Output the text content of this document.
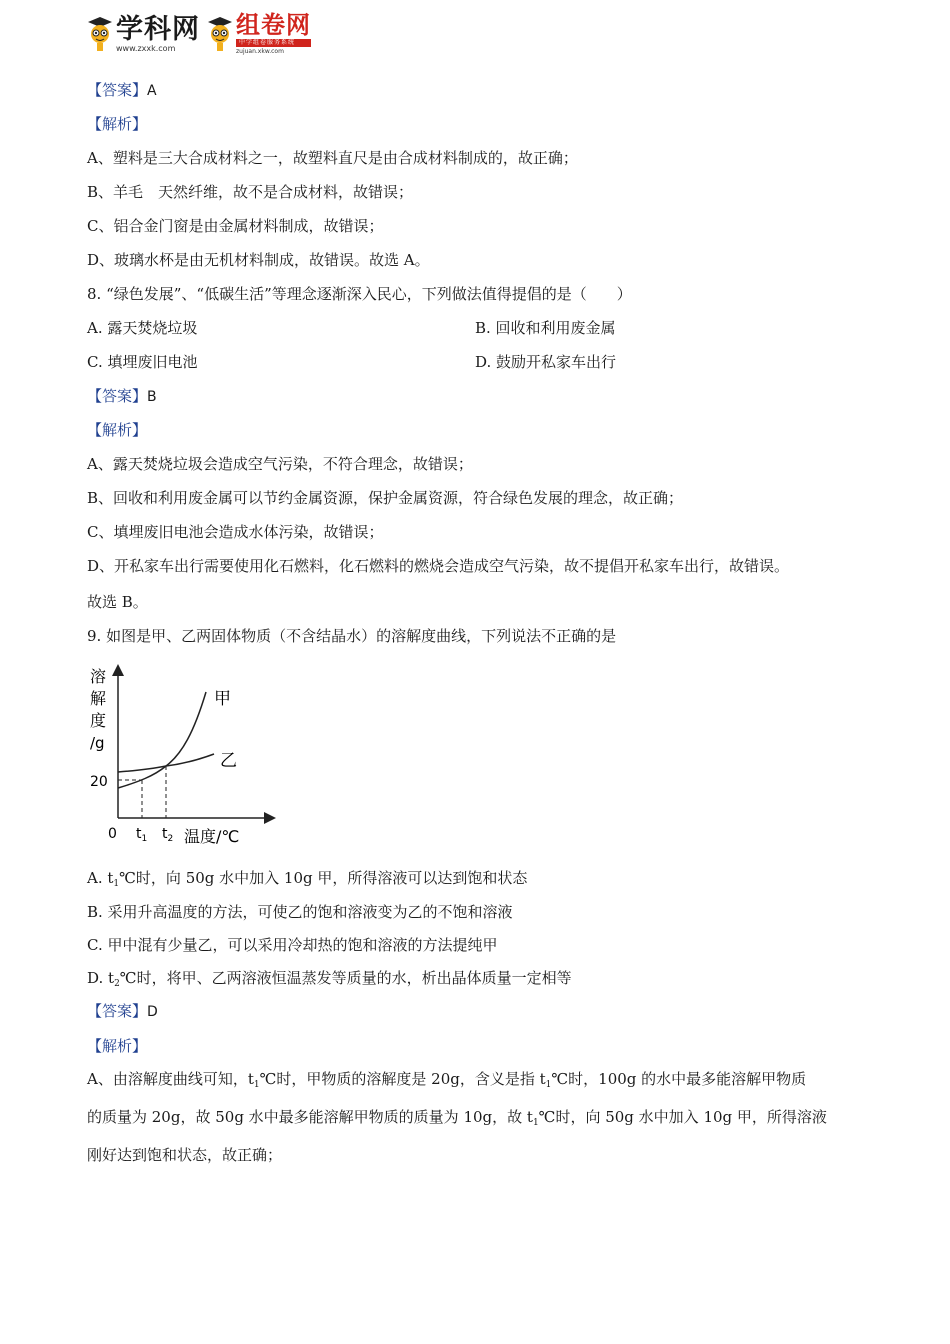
学科网
www.zxxk.com
组卷网
中学组卷服务系统
zujuan.xkw.com
【答案】A
【解析】
A、塑料是三大合成材料之一，故塑料直尺是由合成材料制成的，故正确；
B、羊毛　天然纤维，故不是合成材料，故错误；
C、铝合金门窗是由金属材料制成，故错误；
D、玻璃水杯是由无机材料制成，故错误。故选 A。
8. “绿色发展”、“低碳生活”等理念逐渐深入民心，下列做法值得提倡的是（　　）
A. 露天焚烧垃圾	B. 回收和利用废金属
C. 填埋废旧电池	D. 鼓励开私家车出行
【答案】B
【解析】
A、露天焚烧垃圾会造成空气污染，不符合理念，故错误；
B、回收和利用废金属可以节约金属资源，保护金属资源，符合绿色发展的理念，故正确；
C、填埋废旧电池会造成水体污染，故错误；
D、开私家车出行需要使用化石燃料，化石燃料的燃烧会造成空气污染，故不提倡开私家车出行，故错误。
故选 B。
9. 如图是甲、乙两固体物质（不含结晶水）的溶解度曲线，下列说法不正确的是
溶
解
度
/g
20
甲
乙
0 $t_1$ $t_2$ 温度/℃
A. $t_1℃$时，向 50g 水中加入 10g 甲，所得溶液可以达到饱和状态
B. 采用升高温度的方法，可使乙的饱和溶液变为乙的不饱和溶液
C. 甲中混有少量乙，可以采用冷却热的饱和溶液的方法提纯甲
D. $t_2℃$时，将甲、乙两溶液恒温蒸发等质量的水，析出晶体质量一定相等
【答案】D
【解析】
A、由溶解度曲线可知，$t_1℃$时，甲物质的溶解度是 20g，含义是指 $t_1℃$时，100g 的水中最多能溶解甲物质
的质量为 20g，故 50g 水中最多能溶解甲物质的质量为 10g，故 $t_1℃$时，向 50g 水中加入 10g 甲，所得溶液
刚好达到饱和状态，故正确；
